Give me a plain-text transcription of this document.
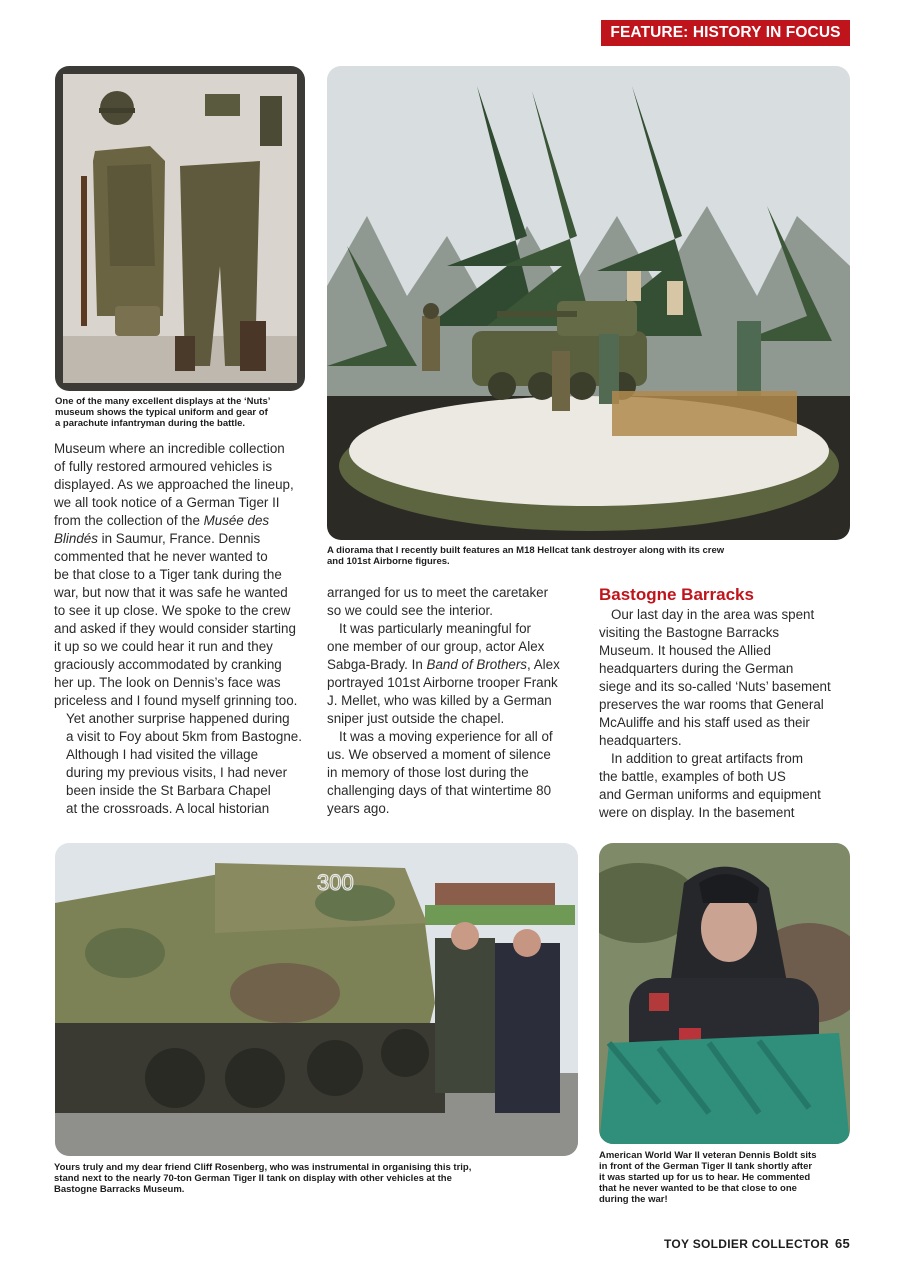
FEATURE: HISTORY IN FOCUS
One of the many excellent displays at the ‘Nuts’
museum shows the typical uniform and gear of
a parachute infantryman during the battle.
A diorama that I recently built features an M18 Hellcat tank destroyer along with its crew
and 101st Airborne figures.

Museum where an incredible collection
of fully restored armoured vehicles is
displayed. As we approached the lineup,
we all took notice of a German Tiger II
from the collection of the Musée des
Blindés in Saumur, France. Dennis
commented that he never wanted to
be that close to a Tiger tank during the
war, but now that it was safe he wanted
to see it up close. We spoke to the crew
and asked if they would consider starting
it up so we could hear it run and they
graciously accommodated by cranking
her up. The look on Dennis’s face was
priceless and I found myself grinning too.

Yet another surprise happened during
a visit to Foy about 5km from Bastogne.
Although I had visited the village
during my previous visits, I had never
been inside the St Barbara Chapel
at the crossroads. A local historian

arranged for us to meet the caretaker
so we could see the interior.

It was particularly meaningful for
one member of our group, actor Alex
Sabga-Brady. In Band of Brothers, Alex
portrayed 101st Airborne trooper Frank
J. Mellet, who was killed by a German
sniper just outside the chapel.

It was a moving experience for all of
us. We observed a moment of silence
in memory of those lost during the
challenging days of that wintertime 80
years ago.

Bastogne Barracks

Our last day in the area was spent
visiting the Bastogne Barracks
Museum. It housed the Allied
headquarters during the German
siege and its so-called ‘Nuts’ basement
preserves the war rooms that General
McAuliffe and his staff used as their
headquarters.

In addition to great artifacts from
the battle, examples of both US
and German uniforms and equipment
were on display. In the basement

300
Yours truly and my dear friend Cliff Rosenberg, who was instrumental in organising this trip,
stand next to the nearly 70-ton German Tiger II tank on display with other vehicles at the
Bastogne Barracks Museum.
American World War II veteran Dennis Boldt sits
in front of the German Tiger II tank shortly after
it was started up for us to hear. He commented
that he never wanted to be that close to one
during the war!
TOY SOLDIER COLLECTOR 65
